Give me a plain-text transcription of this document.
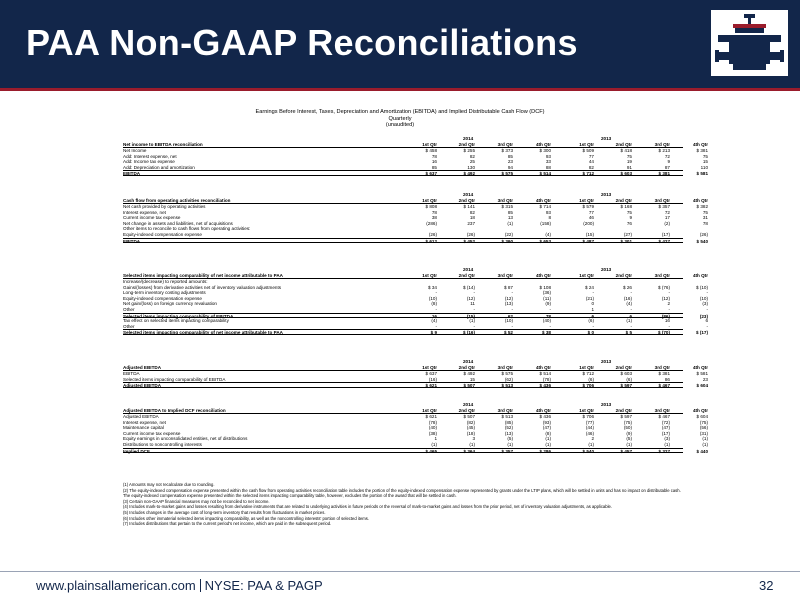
PAA Non-GAAP Reconciliations
Earnings Before Interest, Taxes, Depreciation and Amortization (EBITDA) and Implied Distributable Cash Flow (DCF)
Quarterly
(unaudited)
2014	2013
Net income to EBITDA reconciliation	1st Qtr	2nd Qtr	3rd Qtr	4th Qtr	1st Qtr	2nd Qtr	3rd Qtr	4th Qtr
Net Income	$ 458	$ 255	$ 373	$ 300	$ 509	$ 418	$ 213	$ 381
Add: Interest expense, net	78	82	85	93	77	75	72	75
Add: Income tax expense	16	25	23	33	44	19	9	15
Add: Depreciation and amortization	85	130	94	88	82	91	87	110
EBITDA	$ 637	$ 492	$ 575	$ 514	$ 712	$ 603	$ 381	$ 581
2014	2013
Cash flow from operating activities reconciliation	1st Qtr	2nd Qtr	3rd Qtr	4th Qtr	1st Qtr	2nd Qtr	3rd Qtr	4th Qtr
Net cash provided by operating activities	$ 808	$ 141	$ 315	$ 714	$ 579	$ 168	$ 357	$ 382
Interest expense, net	78	82	85	93	77	75	72	75
Current income tax expense	38	18	13	8	46	9	17	31
Net change in assets and liabilities, net of acquisitions	(286)	237	(1)	(158)	(200)	76	(2)	78
Other items to reconcile to cash flows from operating activities:
Equity-indexed compensation expense	(26)	(26)	(22)	(4)	(15)	(27)	(17)	(26)
EBITDA	$ 612	$ 452	$ 390	$ 653	$ 487	$ 301	$ 427	$ 540
2014	2013
Selected items impacting comparability of net income attributable to PAA	1st Qtr	2nd Qtr	3rd Qtr	4th Qtr	1st Qtr	2nd Qtr	3rd Qtr	4th Qtr
Increase/(decrease) to reported amounts:
Gains/(losses) from derivative activities net of inventory valuation adjustments	$ 34	$ (14)	$ 87	$ 108	$ 24	$ 26	$ (76)	$ (10)
Long-term inventory costing adjustments	-	-	-	(36)	-	-	-	-
Equity-indexed compensation expense	(10)	(12)	(12)	(11)	(21)	(16)	(12)	(10)
Net gain/(loss) on foreign currency revaluation	(8)	11	(13)	(9)	0	(4)	2	(3)
Other	-	-	-	-	1	-	-	-
Selected items impacting comparability of EBITDA	16	(15)	62	78	6	6	(86)	(23)
Tax effect on selected items impacting comparability	(4)	(1)	(10)	(40)	(6)	(1)	16	6
Other	-	-	-	-	-	-	-	-
Selected items impacting comparability of net income attributable to PAA	$ 9	$ (16)	$ 52	$ 38	$ 0	$ 5	$ (70)	$ (17)
2014	2013
Adjusted EBITDA	1st Qtr	2nd Qtr	3rd Qtr	4th Qtr	1st Qtr	2nd Qtr	3rd Qtr	4th Qtr
EBITDA	$ 637	$ 492	$ 575	$ 514	$ 712	$ 603	$ 381	$ 581
Selected items impacting comparability of EBITDA	(16)	15	(62)	(78)	(6)	(6)	86	23
Adjusted EBITDA	$ 621	$ 507	$ 513	$ 436	$ 706	$ 597	$ 467	$ 604
2014	2013
Adjusted EBITDA to Implied DCF reconciliation	1st Qtr	2nd Qtr	3rd Qtr	4th Qtr	1st Qtr	2nd Qtr	3rd Qtr	4th Qtr
Adjusted EBITDA	$ 621	$ 507	$ 513	$ 436	$ 706	$ 597	$ 467	$ 604
Interest expense, net	(78)	(82)	(85)	(93)	(77)	(75)	(72)	(75)
Maintenance capital	(40)	(45)	(52)	(47)	(44)	(50)	(47)	(56)
Current income tax expense	(38)	(18)	(13)	(8)	(46)	(9)	(17)	(31)
Equity earnings in unconsolidated entities, net of distributions	1	3	(5)	(1)	2	(5)	(3)	(1)
Distributions to noncontrolling interests	(1)	(1)	(1)	(1)	(1)	(1)	(1)	(1)
Implied DCF	$ 465	$ 364	$ 357	$ 286	$ 540	$ 457	$ 327	$ 440
(1) Amounts may not recalculate due to rounding.
(2) The equity-indexed compensation expense presented within the cash flow from operating activities reconciliation table includes the portion of the equity-indexed compensation expense represented by grants under the LTIP plans, which will be settled in units and has no impact on distributable cash. The equity-indexed compensation expense presented within the selected items impacting comparability table, however, excludes the portion of the award that will be settled in cash.
(3) Certain non-GAAP financial measures may not be reconciled to net income.
(4) Includes mark-to-market gains and losses resulting from derivative instruments that are related to underlying activities in future periods or the reversal of mark-to-market gains and losses from the prior period, net of inventory valuation adjustments, as applicable.
(5) Includes changes in the average cost of long-term inventory that results from fluctuations in market prices.
(6) Includes other immaterial selected items impacting comparability, as well as the noncontrolling interests' portion of selected items.
(7) Includes distributions that pertain to the current period's net income, which are paid in the subsequent period.
www.plainsallamerican.com NYSE: PAA & PAGP	32
